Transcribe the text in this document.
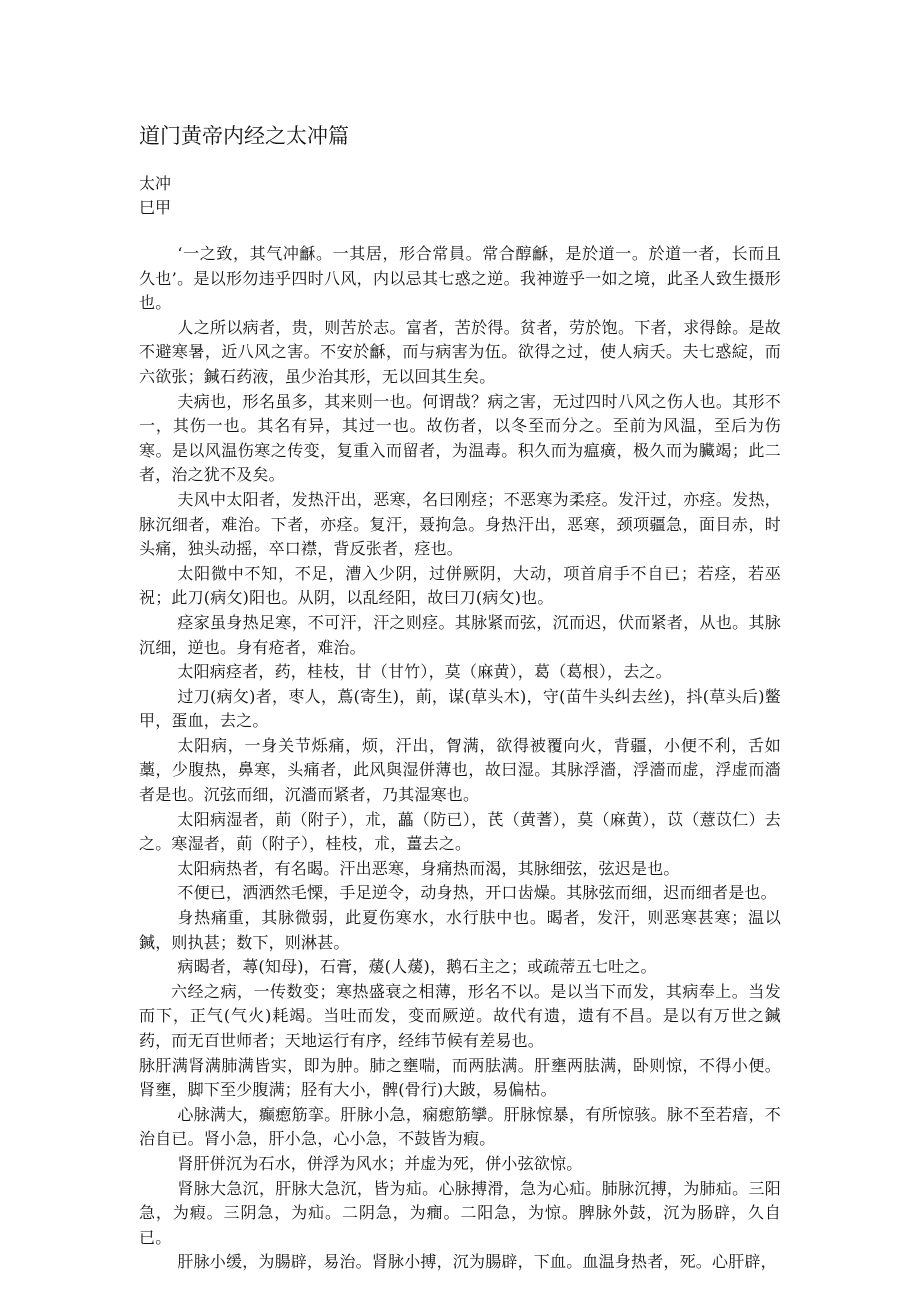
道门黄帝内经之太冲篇
太冲
巳甲

‘一之致，其气冲龢。一其居，形合常員。常合醇龢，是於道一。於道一者，长而且久也’。是以形勿违乎四时八风，内以忌其七惑之逆。我神遊乎一如之境，此圣人致生摄形也。

人之所以病者，贵，则苦於志。富者，苦於得。贫者，劳於饱。下者，求得餘。是故不避寒暑，近八风之害。不安於龢，而与病害为伍。欲得之过，使人病夭。夫七惑綻，而六欲张；鍼石药液，虽少治其形，无以回其生矣。

夫病也，形名虽多，其来则一也。何谓哉？病之害，无过四时八风之伤人也。其形不一，其伤一也。其名有异，其过一也。故伤者，以冬至而分之。至前为风温，至后为伤寒。是以风温伤寒之传变，复重入而留者，为温毒。积久而为瘟癀，极久而为臟竭；此二者，治之犹不及矣。

夫风中太阳者，发热汗出，恶寒，名曰刚痉；不恶寒为柔痉。发汗过，亦痉。发热，脉沉细者，难治。下者，亦痉。复汗，聂拘急。身热汗出，恶寒，颈项疆急，面目赤，时头痛，独头动摇，卒口襟，背反张者，痉也。

太阳微中不知，不足，漕入少阴，过併厥阴，大动，项首肩手不自已；若痉，若巫祝；此刀(病攵)阳也。从阴，以乱经阳，故曰刀(病攵)也。

痉家虽身热足寒，不可汗，汗之则痉。其脉紧而弦，沉而迟，伏而紧者，从也。其脉沉细，逆也。身有疮者，难治。

太阳病痉者，药，桂枝，甘（甘竹），莫（麻黄），葛（葛根），去之。

过刀(病攵)者，枣人，蔦(寄生)，萴，谋(草头木)，守(苗牛头纠去丝)，抖(草头后)鳖甲，蛋血，去之。

太阳病，一身关节烁痛，烦，汗出，胷满，欲得被覆向火，背疆，小便不利，舌如藁，少腹热，鼻寒，头痛者，此风與湿併薄也，故曰湿。其脉浮濇，浮濇而虚，浮虚而濇者是也。沉弦而细，沉濇而紧者，乃其湿寒也。

太阳病湿者，萴（附子），朮，藟（防已），芪（黄蓍），莫（麻黄），苡（薏苡仁）去之。寒湿者，萴（附子），桂枝，朮，薑去之。

太阳病热者，有名暍。汗出恶寒，身痛热而渴，其脉细弦，弦迟是也。

不便已，洒洒然毛慄，手足逆令，动身热，开口齿燥。其脉弦而细，迟而细者是也。

身热痛重，其脉微弱，此夏伤寒水，水行肤中也。暍者，发汗，则恶寒甚寒；温以鍼，则执甚；数下，则淋甚。

病暍者，蕁(知母)，石膏，蕿(人蕿)，鹅石主之；或疏蒂五七吐之。

六经之病，一传数变；寒热盛衰之相薄，形名不以。是以当下而发，其病奉上。当发而下，正气(气火)耗竭。当吐而发，变而厥逆。故代有遗，遗有不昌。是以有万世之鍼药，而无百世师者；天地运行有序，经纬节候有差易也。

脉肝满肾满肺满皆实，即为肿。肺之壅喘，而两胠满。肝壅两胠满，卧则惊，不得小便。肾壅，脚下至少腹满；胫有大小，髀(骨行)大跛，易偏枯。

心脉满大，癫瘛筋挛。肝脉小急，痫瘛筋攣。肝脉惊暴，有所惊骇。脉不至若瘖，不治自已。肾小急，肝小急，心小急，不鼓皆为瘕。

肾肝併沉为石水，併浮为风水；并虚为死，併小弦欲惊。

肾脉大急沉，肝脉大急沉，皆为疝。心脉搏滑，急为心疝。肺脉沉搏，为肺疝。三阳急，为瘕。三阴急，为疝。二阴急，为癎。二阳急，为惊。脾脉外鼓，沉为肠辟，久自已。

肝脉小缓，为腸辟，易治。肾脉小搏，沉为腸辟，下血。血温身热者，死。心肝辟，
